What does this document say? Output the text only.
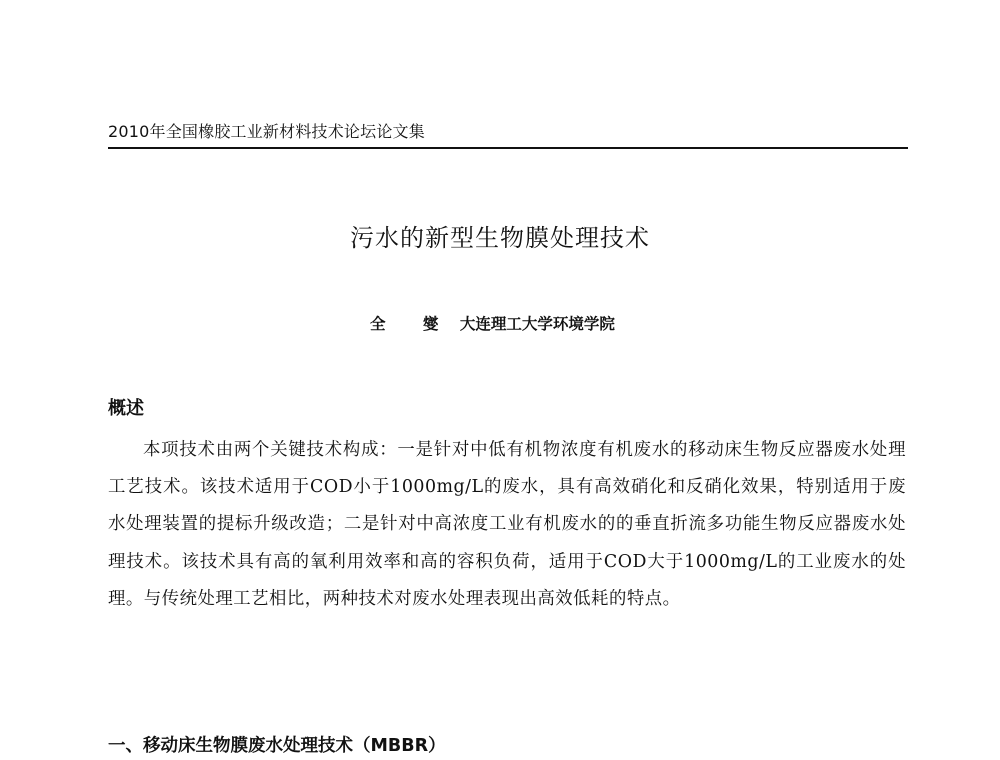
2010年全国橡胶工业新材料技术论坛论文集
污水的新型生物膜处理技术
全 燮 大连理工大学环境学院
概述

本项技术由两个关键技术构成：一是针对中低有机物浓度有机废水的移动床生物反应器废水处理工艺技术。该技术适用于COD小于1000mg/L的废水，具有高效硝化和反硝化效果，特别适用于废水处理装置的提标升级改造；二是针对中高浓度工业有机废水的的垂直折流多功能生物反应器废水处理技术。该技术具有高的氧利用效率和高的容积负荷，适用于COD大于1000mg/L的工业废水的处理。与传统处理工艺相比，两种技术对废水处理表现出高效低耗的特点。

一、移动床生物膜废水处理技术（MBBR）
